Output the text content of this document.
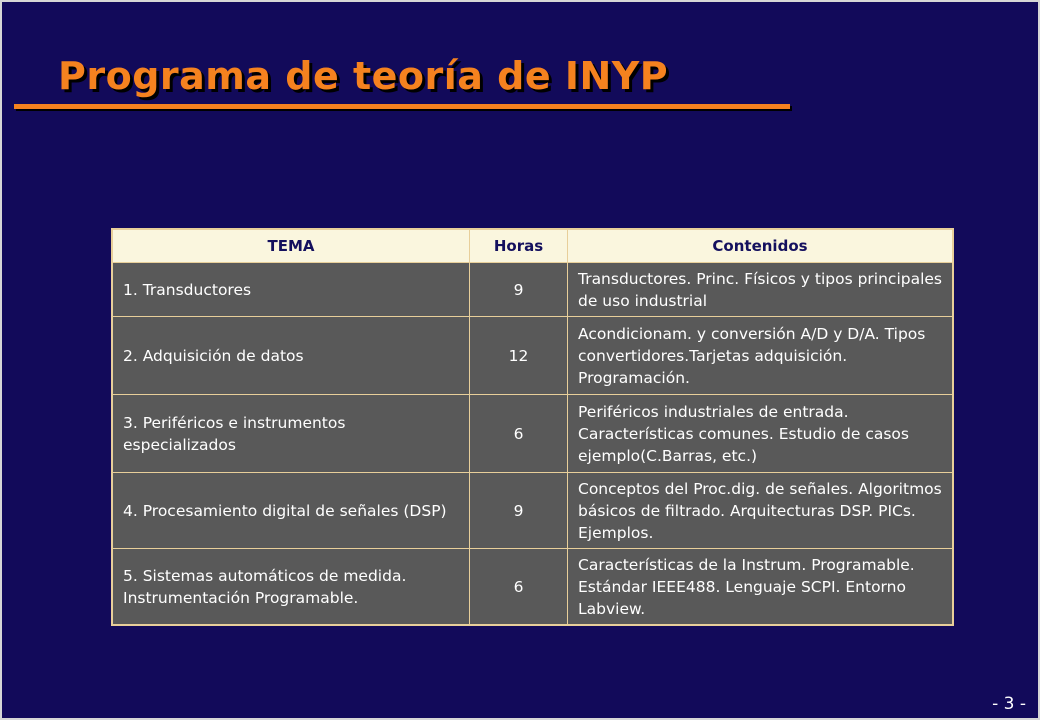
Programa de teoría de INYP
TEMA	Horas	Contenidos
1. Transductores	9	Transductores. Princ. Físicos y tipos principales de uso industrial
2. Adquisición de datos	12	Acondicionam. y conversión A/D y D/A. Tipos convertidores.Tarjetas adquisición. Programación.
3. Periféricos e instrumentos especializados	6	Periféricos industriales de entrada. Características comunes. Estudio de casos ejemplo(C.Barras, etc.)
4. Procesamiento digital de señales (DSP)	9	Conceptos del Proc.dig. de señales. Algoritmos básicos de filtrado. Arquitecturas DSP. PICs. Ejemplos.
5. Sistemas automáticos de medida. Instrumentación Programable.	6	Características de la Instrum. Programable. Estándar IEEE488. Lenguaje SCPI. Entorno Labview.
- 3 -
